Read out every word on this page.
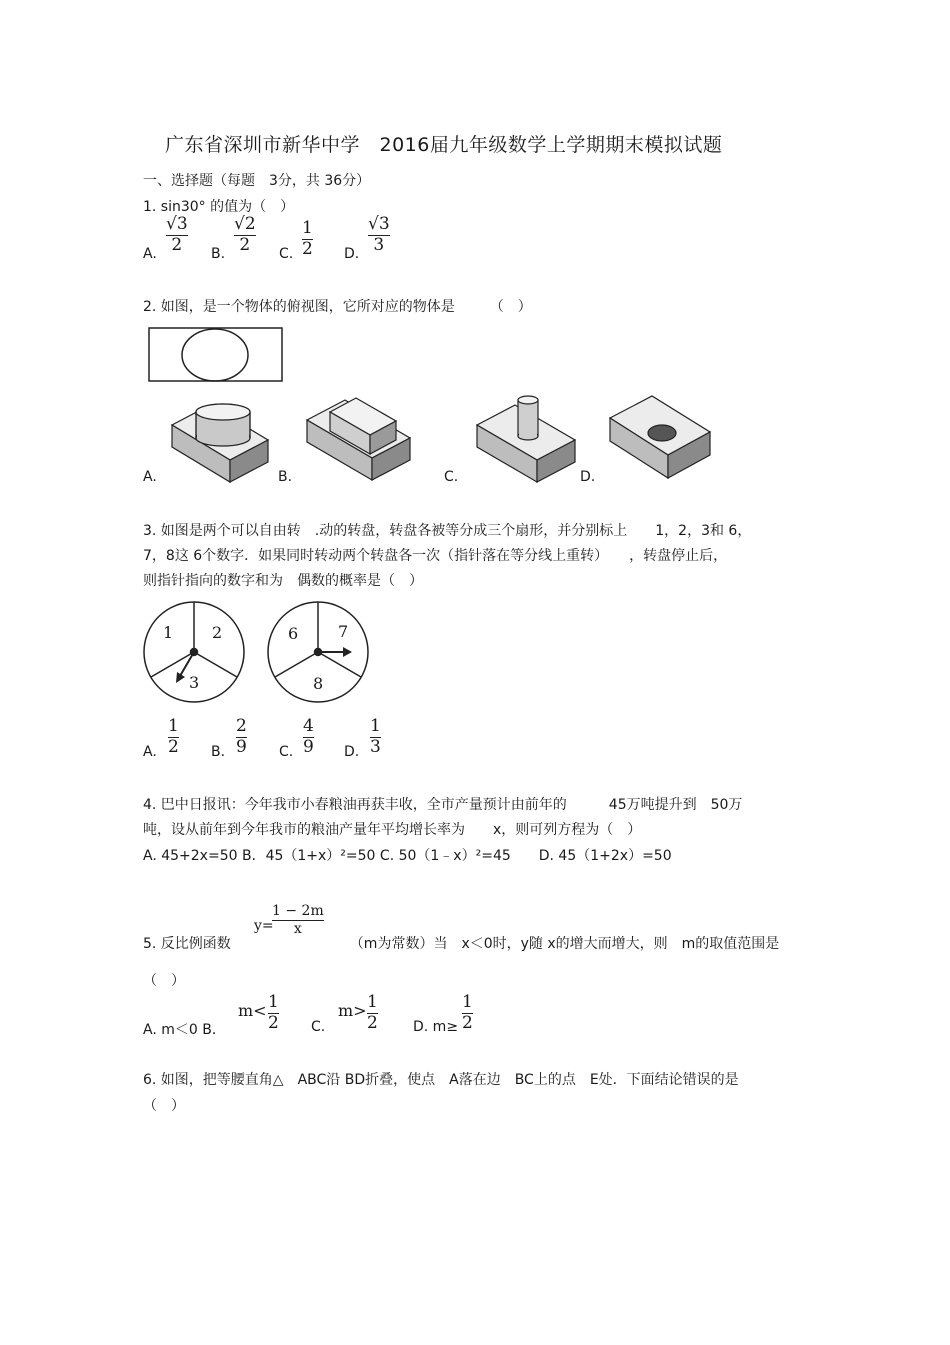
广东省深圳市新华中学　2016届九年级数学上学期期末模拟试题
一、选择题（每题　3分，共 36分）
1. sin30° 的值为（　）
A.
√3
2 B.
√2
2 C.
1
2 D.
√3
3
2. 如图，是一个物体的俯视图，它所对应的物体是　　　（　）
A.	B.	C.	D.
3. 如图是两个可以自由转　.动的转盘，转盘各被等分成三个扇形，并分别标上　　1，2，3和 6，
7，8这 6个数字．如果同时转动两个转盘各一次（指针落在等分线上重转）　　，转盘停止后，
则指针指向的数字和为　偶数的概率是（　）
1 2
3
6 7
8
A.
1
2 B.
2
9 C.
4
9 D.
1
3
4. 巴中日报讯：今年我市小春粮油再获丰收，全市产量预计由前年的　　　45万吨提升到　50万
吨，设从前年到今年我市的粮油产量年平均增长率为　　x，则可列方程为（　）
A. 45+2x=50 B．45（1+x）²=50 C. 50（1﹣x）²=45　　D. 45（1+2x）=50
y=
1 − 2m
x
5. 反比例函数　　　　　　　　　（m为常数）当　x＜0时，y随 x的增大而增大，则　m的取值范围是
（　）
A. m＜0 B．
m< 1
2 C.
m> 1
2	D. m≥
1
2
6. 如图，把等腰直角△　ABC沿 BD折叠，使点　A落在边　BC上的点　E处．下面结论错误的是
（　）
